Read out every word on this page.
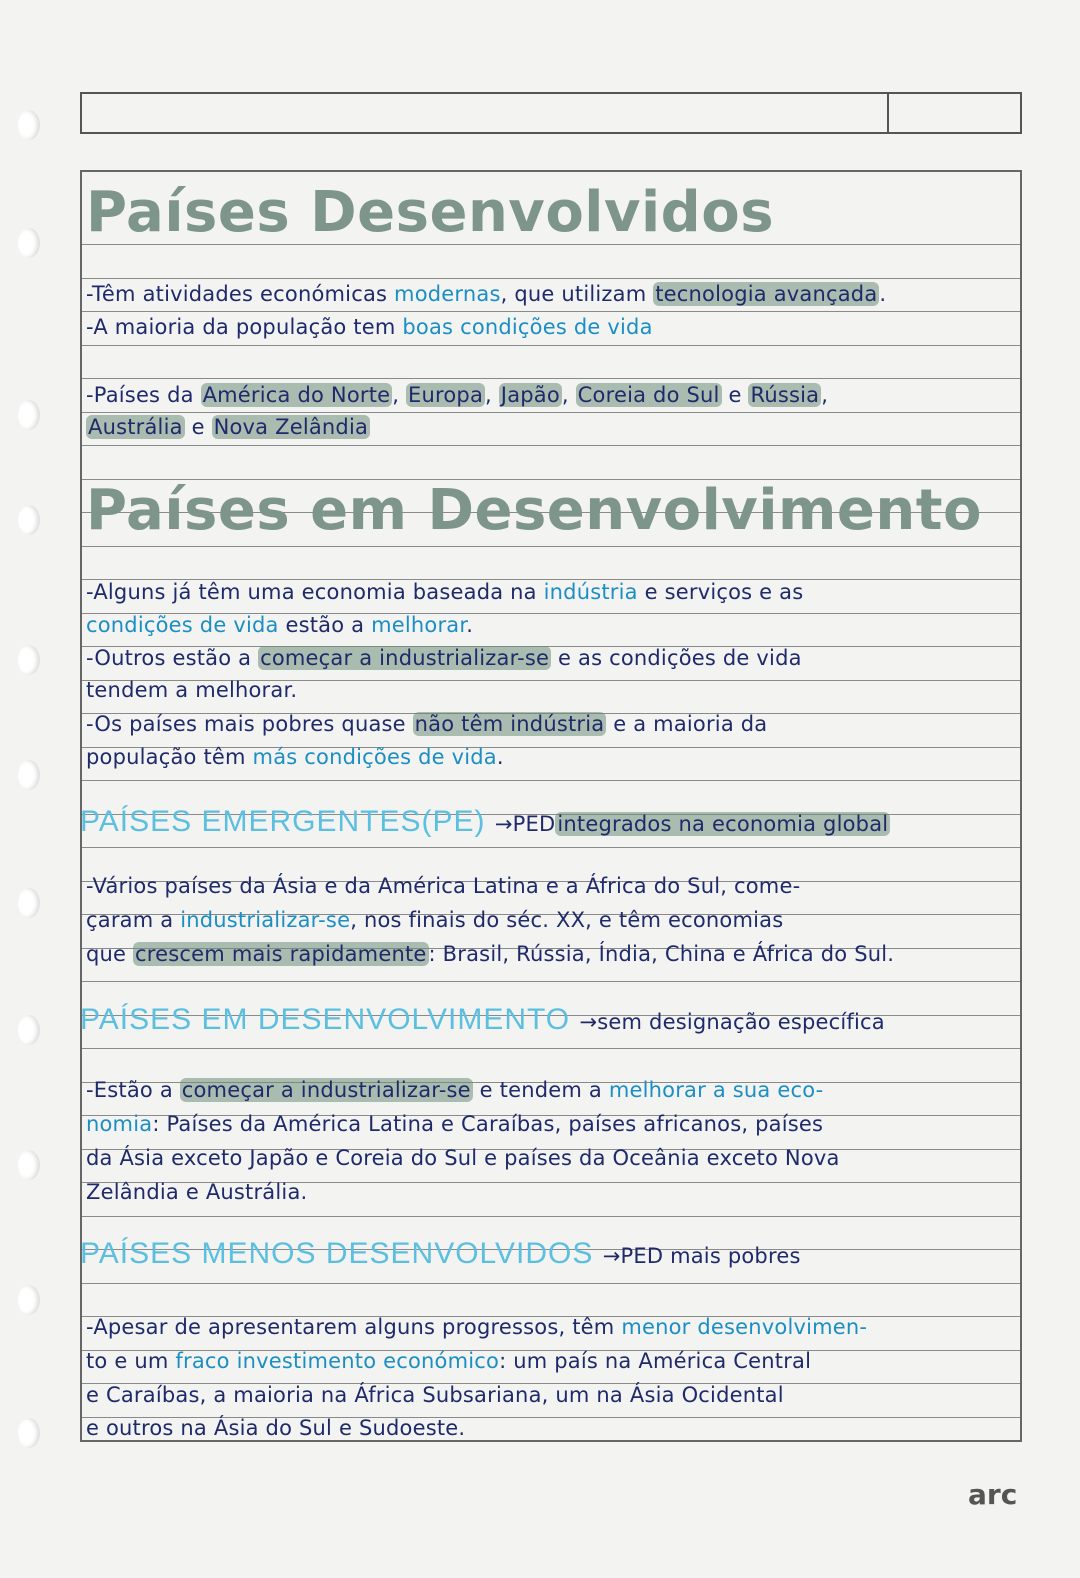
Países Desenvolvidos
Países em Desenvolvimento
PAÍSES EMERGENTES(PE) →PEDintegrados na economia global
PAÍSES EM DESENVOLVIMENTO →sem designação específica
PAÍSES MENOS DESENVOLVIDOS →PED mais pobres
-Têm atividades económicas modernas, que utilizam tecnologia avançada.
-A maioria da população tem boas condições de vida
-Países da América do Norte, Europa, Japão, Coreia do Sul e Rússia,
Austrália e Nova Zelândia
-Alguns já têm uma economia baseada na indústria e serviços e as
condições de vida estão a melhorar.
-Outros estão a começar a industrializar-se e as condições de vida
tendem a melhorar.
-Os países mais pobres quase não têm indústria e a maioria da
população têm más condições de vida.
-Vários países da Ásia e da América Latina e a África do Sul, come-
çaram a industrializar-se, nos finais do séc. XX, e têm economias
que crescem mais rapidamente: Brasil, Rússia, Índia, China e África do Sul.
-Estão a começar a industrializar-se e tendem a melhorar a sua eco-
nomia: Países da América Latina e Caraíbas, países africanos, países
da Ásia exceto Japão e Coreia do Sul e países da Oceânia exceto Nova
Zelândia e Austrália.
-Apesar de apresentarem alguns progressos, têm menor desenvolvimen-
to e um fraco investimento económico: um país na América Central
e Caraíbas, a maioria na África Subsariana, um na Ásia Ocidental
e outros na Ásia do Sul e Sudoeste.
arc
